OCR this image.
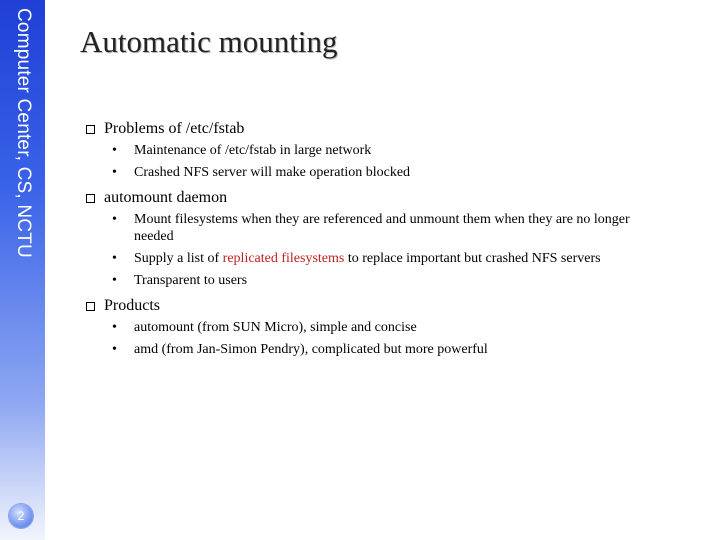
Computer Center, CS, NCTU
2
Automatic mounting
Problems of /etc/fstab
•	Maintenance of /etc/fstab in large network
•	Crashed NFS server will make operation blocked
automount daemon
•	Mount filesystems when they are referenced and unmount them when they are no longer needed
•	Supply a list of replicated filesystems to replace important but crashed NFS servers
•	Transparent to users
Products
•	automount (from SUN Micro), simple and concise
•	amd (from Jan-Simon Pendry), complicated but more powerful
